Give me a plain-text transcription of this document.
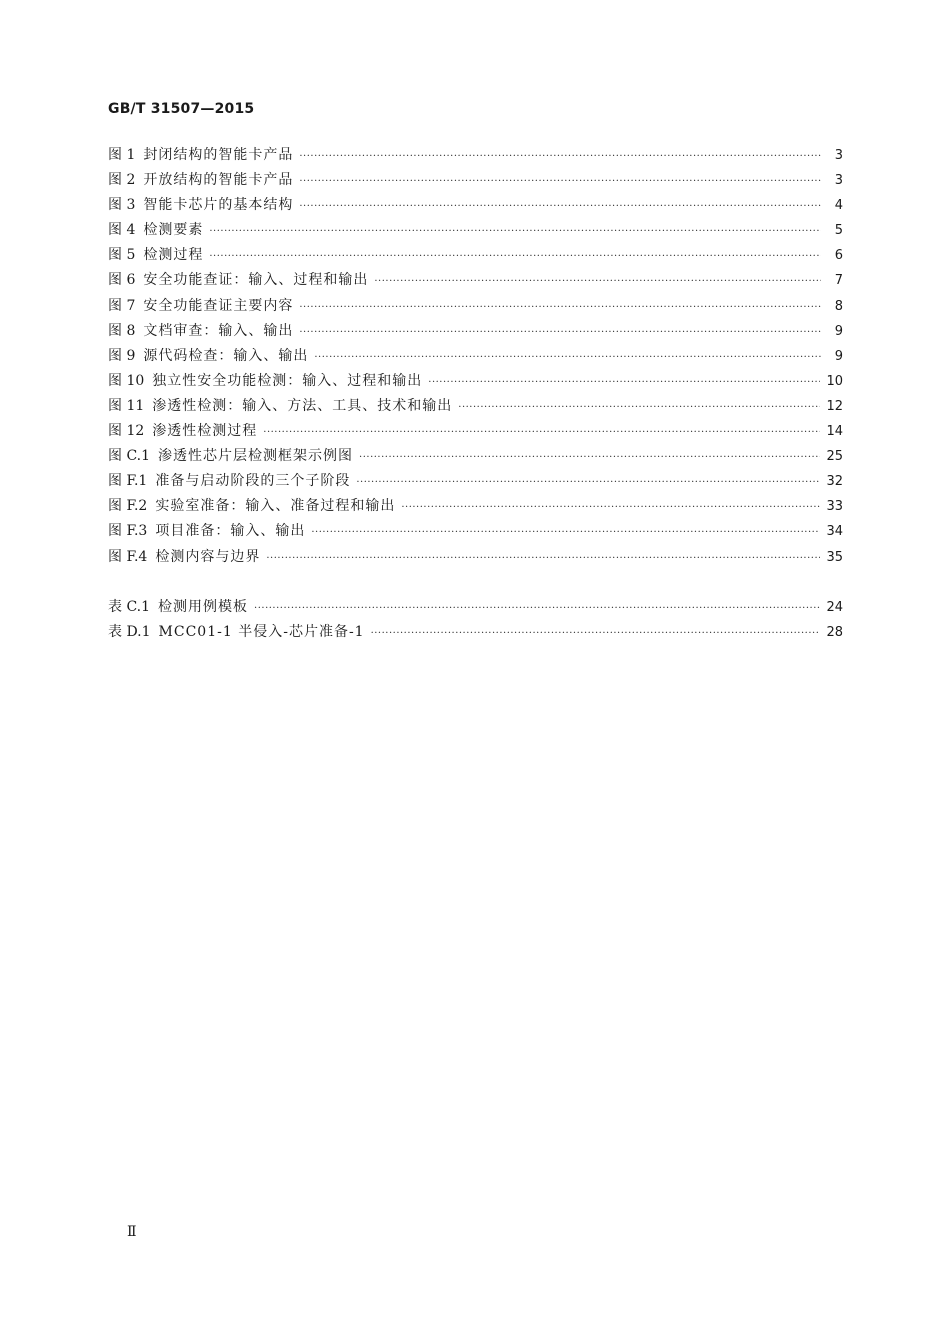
GB/T 31507—2015
图 1 封闭结构的智能卡产品 ·····	3
图 2 开放结构的智能卡产品 ·····	3
图 3 智能卡芯片的基本结构 ·····	4
图 4 检测要素 ·····	5
图 5 检测过程 ·····	6
图 6 安全功能查证：输入、过程和输出 ·····	7
图 7 安全功能查证主要内容 ·····	8
图 8 文档审查：输入、输出 ·····	9
图 9 源代码检查：输入、输出 ·····	9
图 10 独立性安全功能检测：输入、过程和输出 ·····	10
图 11 渗透性检测：输入、方法、工具、技术和输出 ·····	12
图 12 渗透性检测过程 ·····	14
图 C.1 渗透性芯片层检测框架示例图 ·····	25
图 F.1 准备与启动阶段的三个子阶段 ·····	32
图 F.2 实验室准备：输入、准备过程和输出 ·····	33
图 F.3 项目准备：输入、输出 ·····	34
图 F.4 检测内容与边界 ·····	35
表 C.1 检测用例模板 ·····	24
表 D.1 MCC01-1 半侵入-芯片准备-1 ·····	28
Ⅱ
